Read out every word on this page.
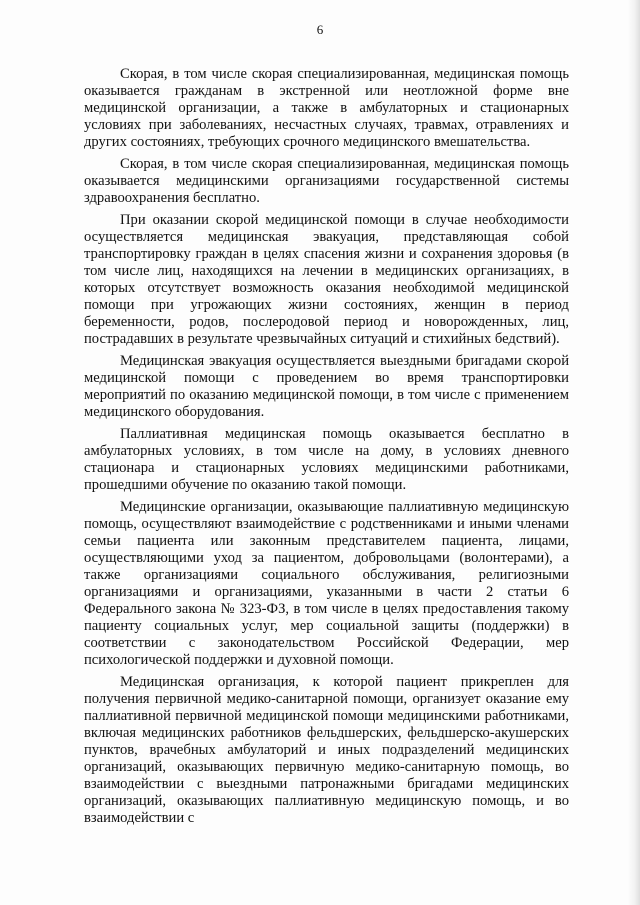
6

Скорая, в том числе скорая специализированная, медицинская помощь оказывается гражданам в экстренной или неотложной форме вне медицинской организации, а также в амбулаторных и стационарных условиях при заболеваниях, несчастных случаях, травмах, отравлениях и других состояниях, требующих срочного медицинского вмешательства.

Скорая, в том числе скорая специализированная, медицинская помощь оказывается медицинскими организациями государственной системы здравоохранения бесплатно.

При оказании скорой медицинской помощи в случае необходимости осуществляется медицинская эвакуация, представляющая собой транспортировку граждан в целях спасения жизни и сохранения здоровья (в том числе лиц, находящихся на лечении в медицинских организациях, в которых отсутствует возможность оказания необходимой медицинской помощи при угрожающих жизни состояниях, женщин в период беременности, родов, послеродовой период и новорожденных, лиц, пострадавших в результате чрезвычайных ситуаций и стихийных бедствий).

Медицинская эвакуация осуществляется выездными бригадами скорой медицинской помощи с проведением во время транспортировки мероприятий по оказанию медицинской помощи, в том числе с применением медицинского оборудования.

Паллиативная медицинская помощь оказывается бесплатно в амбулаторных условиях, в том числе на дому, в условиях дневного стационара и стационарных условиях медицинскими работниками, прошедшими обучение по оказанию такой помощи.

Медицинские организации, оказывающие паллиативную медицинскую помощь, осуществляют взаимодействие с родственниками и иными членами семьи пациента или законным представителем пациента, лицами, осуществляющими уход за пациентом, добровольцами (волонтерами), а также организациями социального обслуживания, религиозными организациями и организациями, указанными в части 2 статьи 6 Федерального закона № 323-ФЗ, в том числе в целях предоставления такому пациенту социальных услуг, мер социальной защиты (поддержки) в соответствии с законодательством Российской Федерации, мер психологической поддержки и духовной помощи.

Медицинская организация, к которой пациент прикреплен для получения первичной медико-санитарной помощи, организует оказание ему паллиативной первичной медицинской помощи медицинскими работниками, включая медицинских работников фельдшерских, фельдшерско-акушерских пунктов, врачебных амбулаторий и иных подразделений медицинских организаций, оказывающих первичную медико-санитарную помощь, во взаимодействии с выездными патронажными бригадами медицинских организаций, оказывающих паллиативную медицинскую помощь, и во взаимодействии с
